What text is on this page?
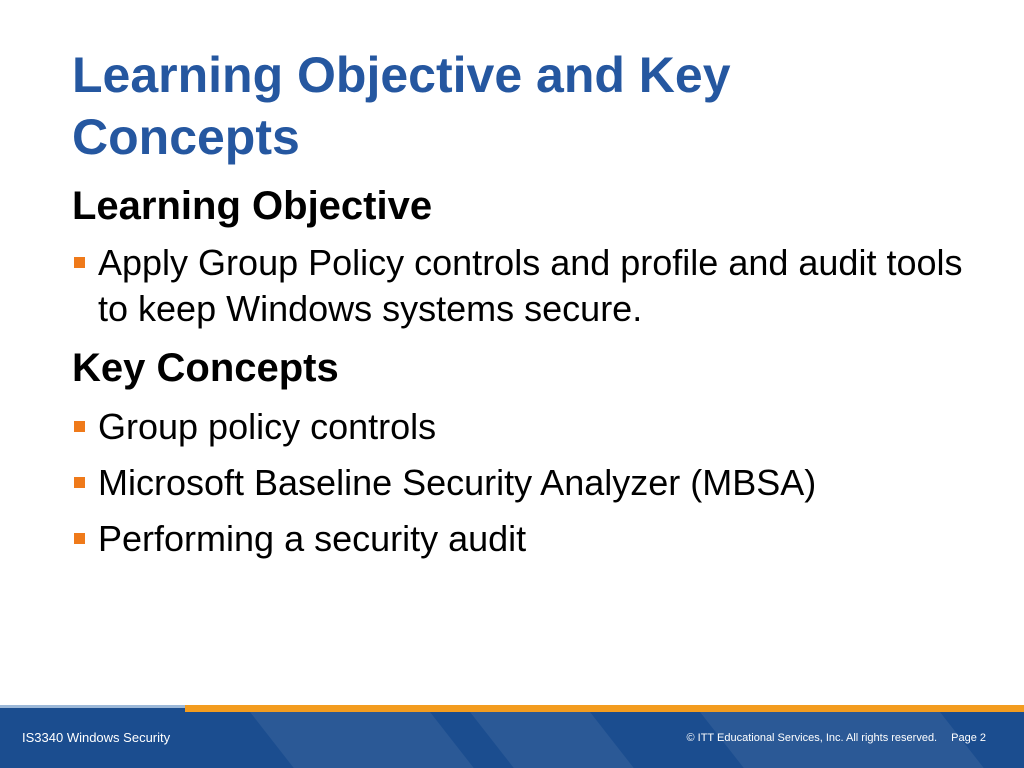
Learning Objective and Key Concepts
Learning Objective
Apply Group Policy controls and profile and audit tools to keep Windows systems secure.
Key Concepts
Group policy controls
Microsoft Baseline Security Analyzer (MBSA)
Performing a security audit
IS3340 Windows Security	© ITT Educational Services, Inc. All rights reserved. Page 2
